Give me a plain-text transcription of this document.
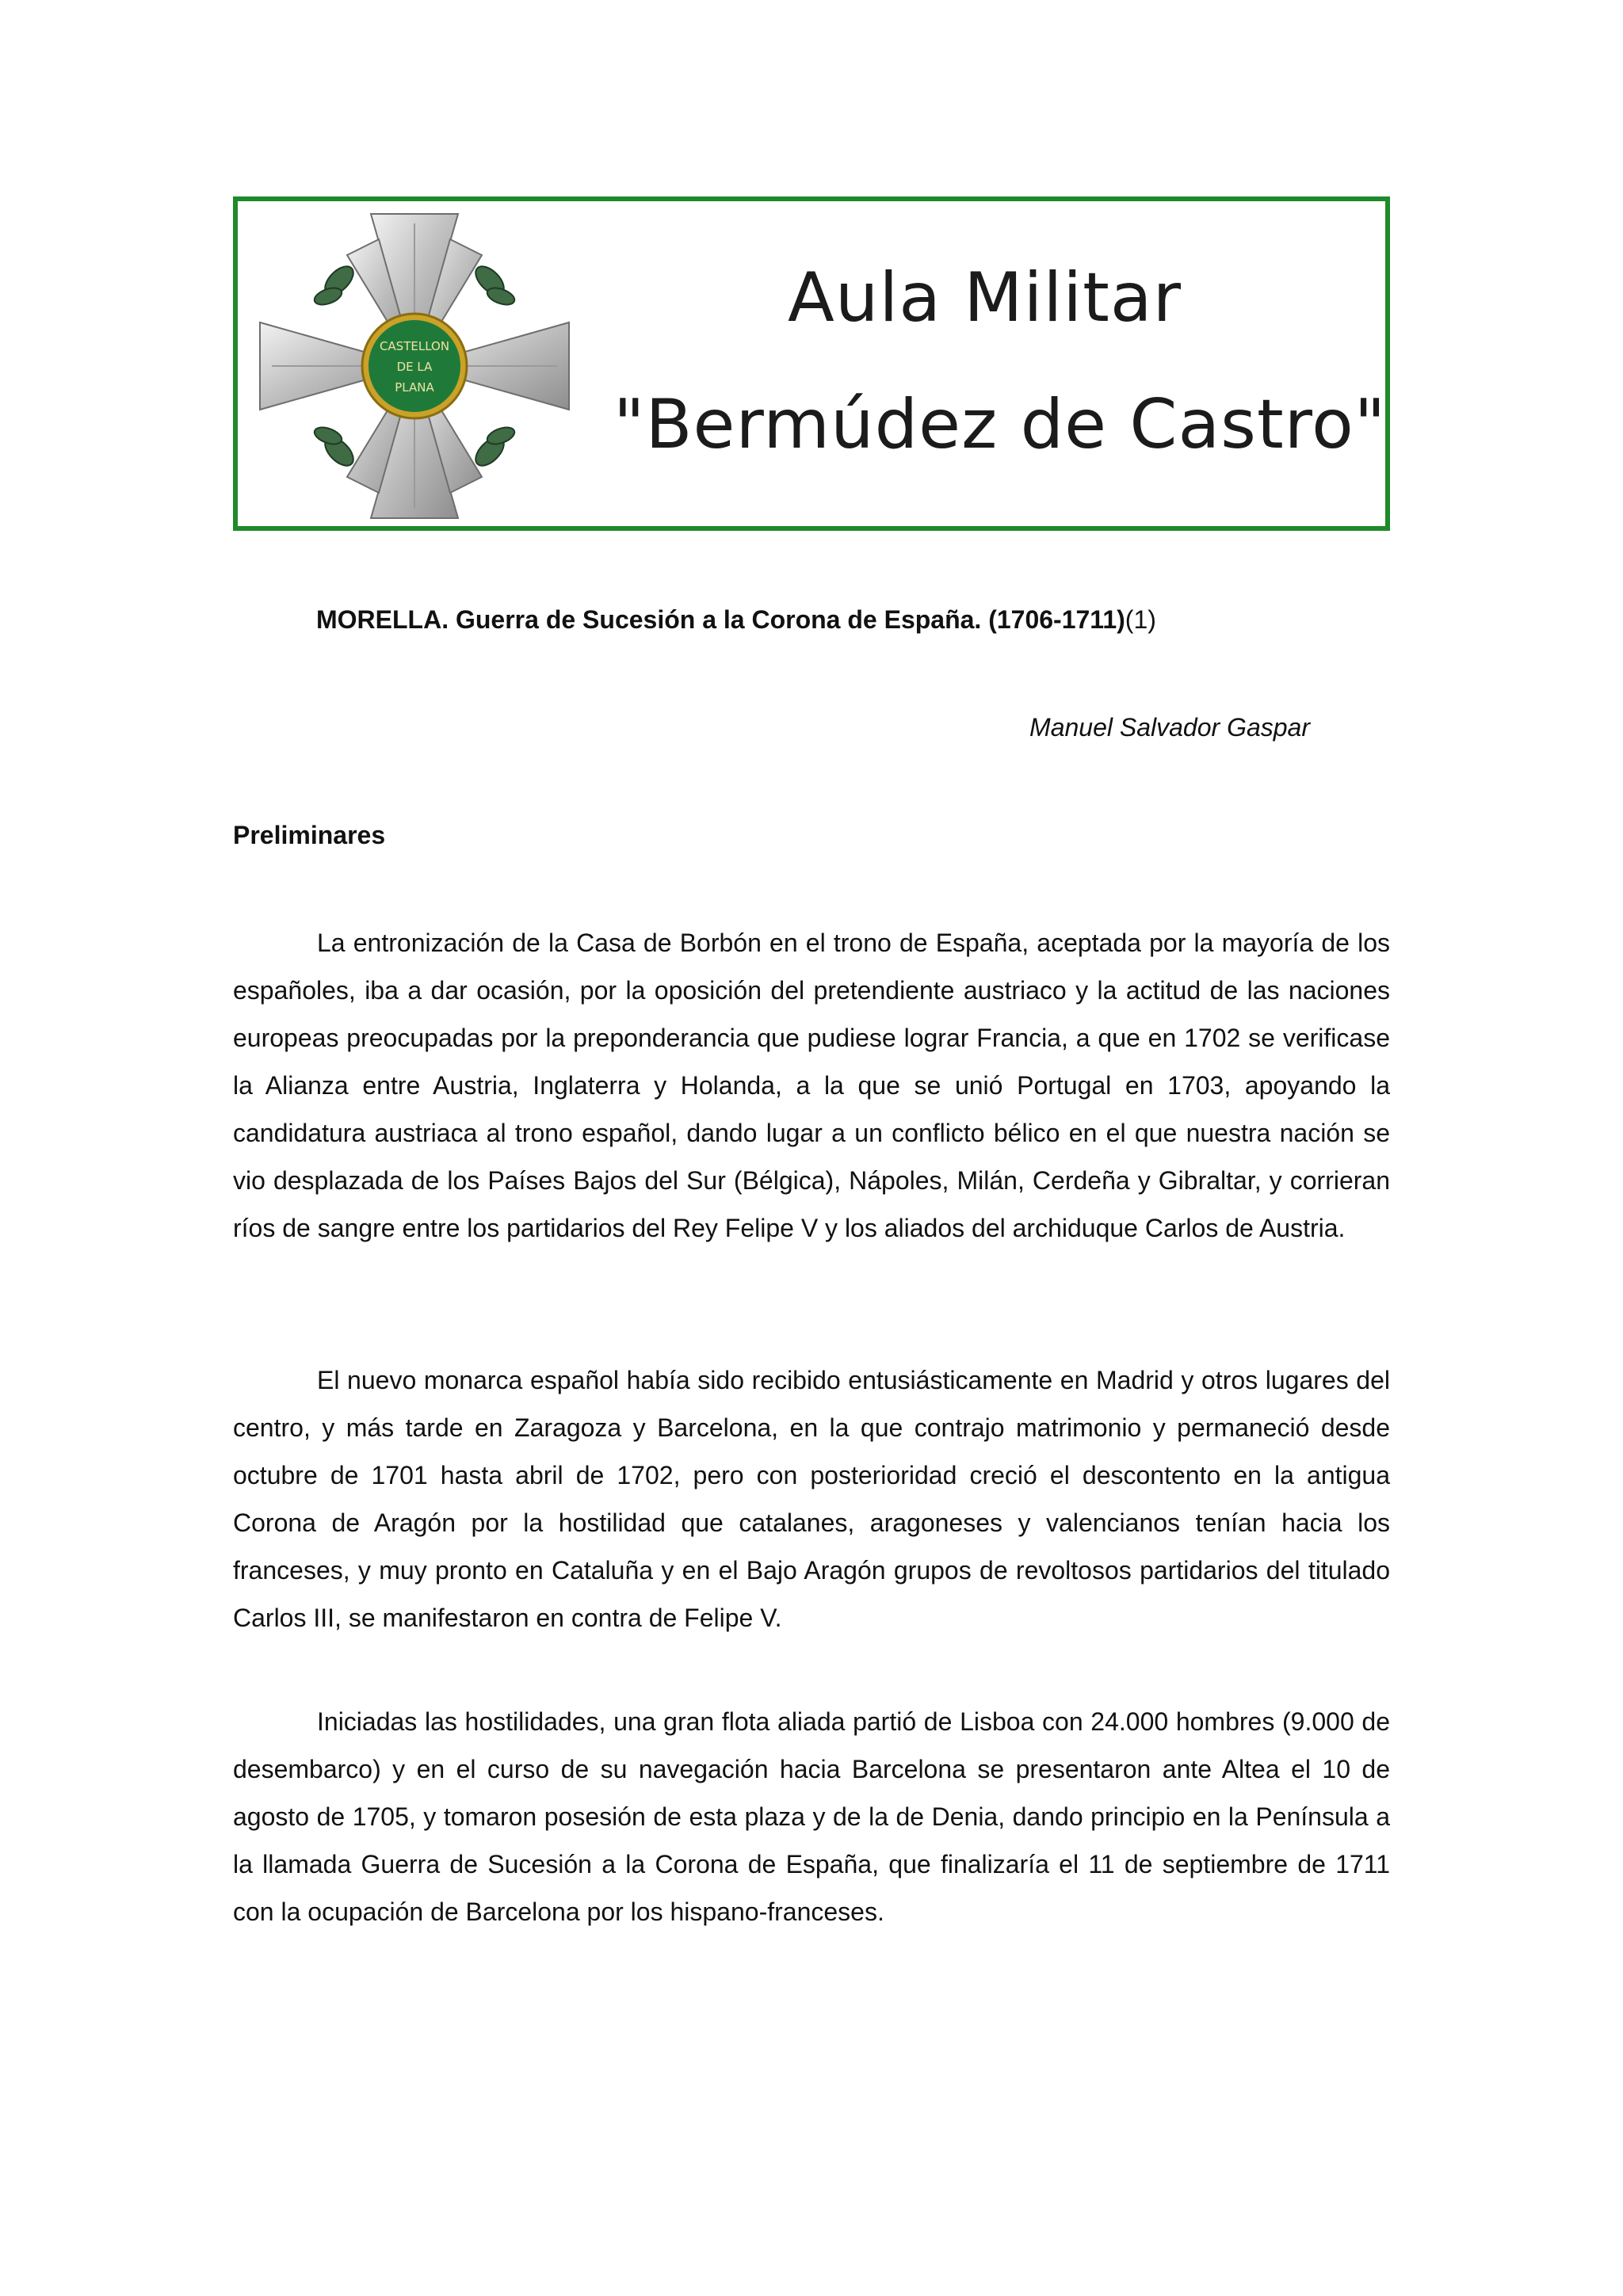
CASTELLON
DE LA
PLANA
Aula Militar
"Bermúdez de Castro"
MORELLA. Guerra de Sucesión a la Corona de España. (1706-1711)(1)
Manuel Salvador Gaspar
Preliminares

La entronización de la Casa de Borbón en el trono de España, aceptada por la mayoría de los españoles, iba a dar ocasión, por la oposición del pretendiente austriaco y la actitud de las naciones europeas preocupadas por la preponderancia que pudiese lograr Francia, a que en 1702 se verificase la Alianza entre Austria, Inglaterra y Holanda, a la que se unió Portugal en 1703, apoyando la candidatura austriaca al trono español, dando lugar a un conflicto bélico en el que nuestra nación se vio desplazada de los Países Bajos del Sur (Bélgica), Nápoles, Milán, Cerdeña y Gibraltar, y corrieran ríos de sangre entre los partidarios del Rey Felipe V y los aliados del archiduque Carlos de Austria.

El nuevo monarca español había sido recibido entusiásticamente en Madrid y otros lugares del centro, y más tarde en Zaragoza y Barcelona, en la que contrajo matrimonio y permaneció desde octubre de 1701 hasta abril de 1702, pero con posterioridad creció el descontento en la antigua Corona de Aragón por la hostilidad que catalanes, aragoneses y valencianos tenían hacia los franceses, y muy pronto en Cataluña y en el Bajo Aragón grupos de revoltosos partidarios del titulado Carlos III, se manifestaron en contra de Felipe V.

Iniciadas las hostilidades, una gran flota aliada partió de Lisboa con 24.000 hombres (9.000 de desembarco) y en el curso de su navegación hacia Barcelona se presentaron ante Altea el 10 de agosto de 1705, y tomaron posesión de esta plaza y de la de Denia, dando principio en la Península a la llamada Guerra de Sucesión a la Corona de España, que finalizaría el 11 de septiembre de 1711 con la ocupación de Barcelona por los hispano-franceses.
